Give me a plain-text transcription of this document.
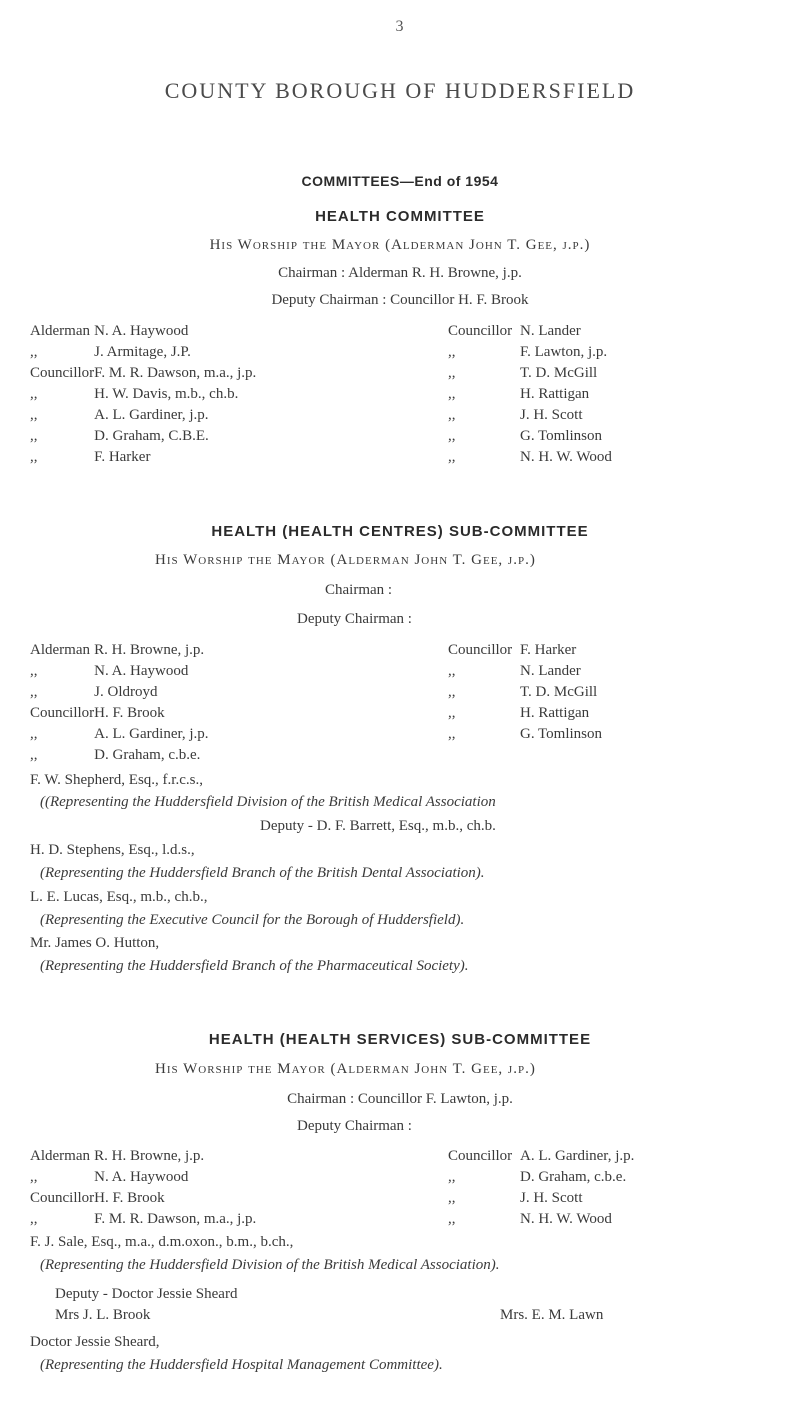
3
COUNTY BOROUGH OF HUDDERSFIELD
COMMITTEES—End of 1954
HEALTH COMMITTEE
His Worship the Mayor (Alderman John T. Gee, j.p.)
Chairman : Alderman R. H. Browne, j.p.
Deputy Chairman : Councillor H. F. Brook
Alderman	N. A. Haywood
,,	J. Armitage, J.P.
Councillor	F. M. R. Dawson, m.a., j.p.
,,	H. W. Davis, m.b., ch.b.
,,	A. L. Gardiner, j.p.
,,	D. Graham, C.B.E.
,,	F. Harker
Councillor	N. Lander
,,	F. Lawton, j.p.
,,	T. D. McGill
,,	H. Rattigan
,,	J. H. Scott
,,	G. Tomlinson
,,	N. H. W. Wood
HEALTH (HEALTH CENTRES) SUB-COMMITTEE
His Worship the Mayor (Alderman John T. Gee, j.p.)
Chairman :
Deputy Chairman :
Alderman	R. H. Browne, j.p.
,,	N. A. Haywood
,,	J. Oldroyd
Councillor	H. F. Brook
,,	A. L. Gardiner, j.p.
,,	D. Graham, c.b.e.
Councillor	F. Harker
,,	N. Lander
,,	T. D. McGill
,,	H. Rattigan
,,	G. Tomlinson
F. W. Shepherd, Esq., f.r.c.s.,
((Representing the Huddersfield Division of the British Medical Association
Deputy - D. F. Barrett, Esq., m.b., ch.b.
H. D. Stephens, Esq., l.d.s.,
(Representing the Huddersfield Branch of the British Dental Association).
L. E. Lucas, Esq., m.b., ch.b.,
(Representing the Executive Council for the Borough of Huddersfield).
Mr. James O. Hutton,
(Representing the Huddersfield Branch of the Pharmaceutical Society).
HEALTH (HEALTH SERVICES) SUB-COMMITTEE
His Worship the Mayor (Alderman John T. Gee, j.p.)
Chairman : Councillor F. Lawton, j.p.
Deputy Chairman :
Alderman	R. H. Browne, j.p.
,,	N. A. Haywood
Councillor	H. F. Brook
,,	F. M. R. Dawson, m.a., j.p.
Councillor	A. L. Gardiner, j.p.
,,	D. Graham, c.b.e.
,,	J. H. Scott
,,	N. H. W. Wood
F. J. Sale, Esq., m.a., d.m.oxon., b.m., b.ch.,
(Representing the Huddersfield Division of the British Medical Association).
Deputy - Doctor Jessie Sheard
Mrs J. L. Brook	Mrs. E. M. Lawn
Doctor Jessie Sheard,
(Representing the Huddersfield Hospital Management Committee).
